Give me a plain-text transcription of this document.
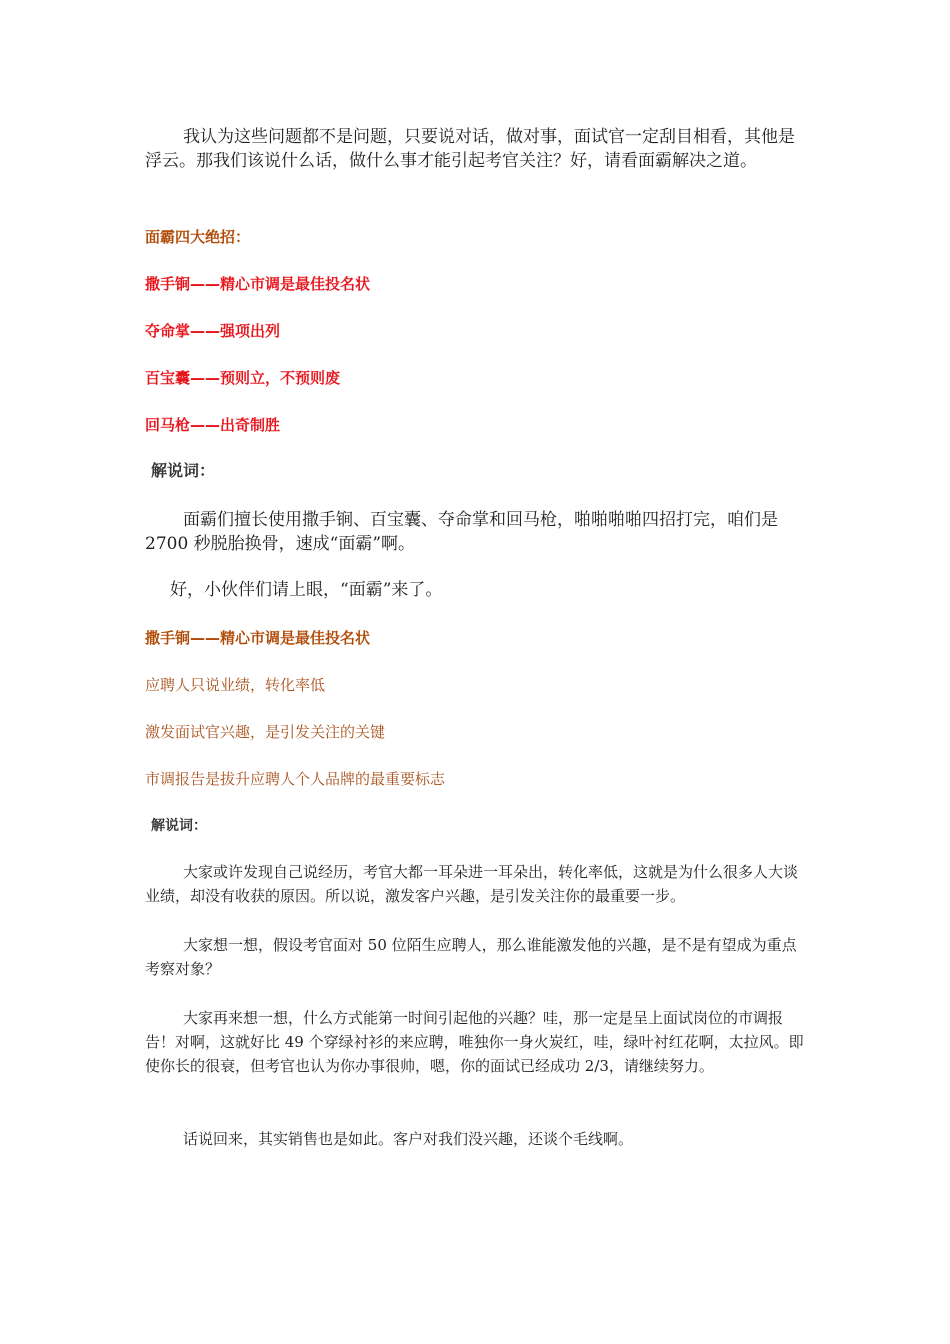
我认为这些问题都不是问题，只要说对话，做对事，面试官一定刮目相看，其他是浮云。那我们该说什么话，做什么事才能引起考官关注？好，请看面霸解决之道。

面霸四大绝招：

撒手锏——精心市调是最佳投名状

夺命掌——强项出列

百宝囊——预则立，不预则废

回马枪——出奇制胜

解说词：

面霸们擅长使用撒手锏、百宝囊、夺命掌和回马枪，啪啪啪啪四招打完，咱们是 2700 秒脱胎换骨，速成“面霸”啊。

好，小伙伴们请上眼，“面霸”来了。

撒手锏——精心市调是最佳投名状

应聘人只说业绩，转化率低

激发面试官兴趣，是引发关注的关键

市调报告是拔升应聘人个人品牌的最重要标志

解说词：

大家或许发现自己说经历，考官大都一耳朵进一耳朵出，转化率低，这就是为什么很多人大谈业绩，却没有收获的原因。所以说，激发客户兴趣，是引发关注你的最重要一步。

大家想一想，假设考官面对 50 位陌生应聘人，那么谁能激发他的兴趣，是不是有望成为重点考察对象？

大家再来想一想，什么方式能第一时间引起他的兴趣？哇，那一定是呈上面试岗位的市调报告！对啊，这就好比 49 个穿绿衬衫的来应聘，唯独你一身火炭红，哇，绿叶衬红花啊，太拉风。即使你长的很衰，但考官也认为你办事很帅，嗯，你的面试已经成功 2/3，请继续努力。

话说回来，其实销售也是如此。客户对我们没兴趣，还谈个毛线啊。
